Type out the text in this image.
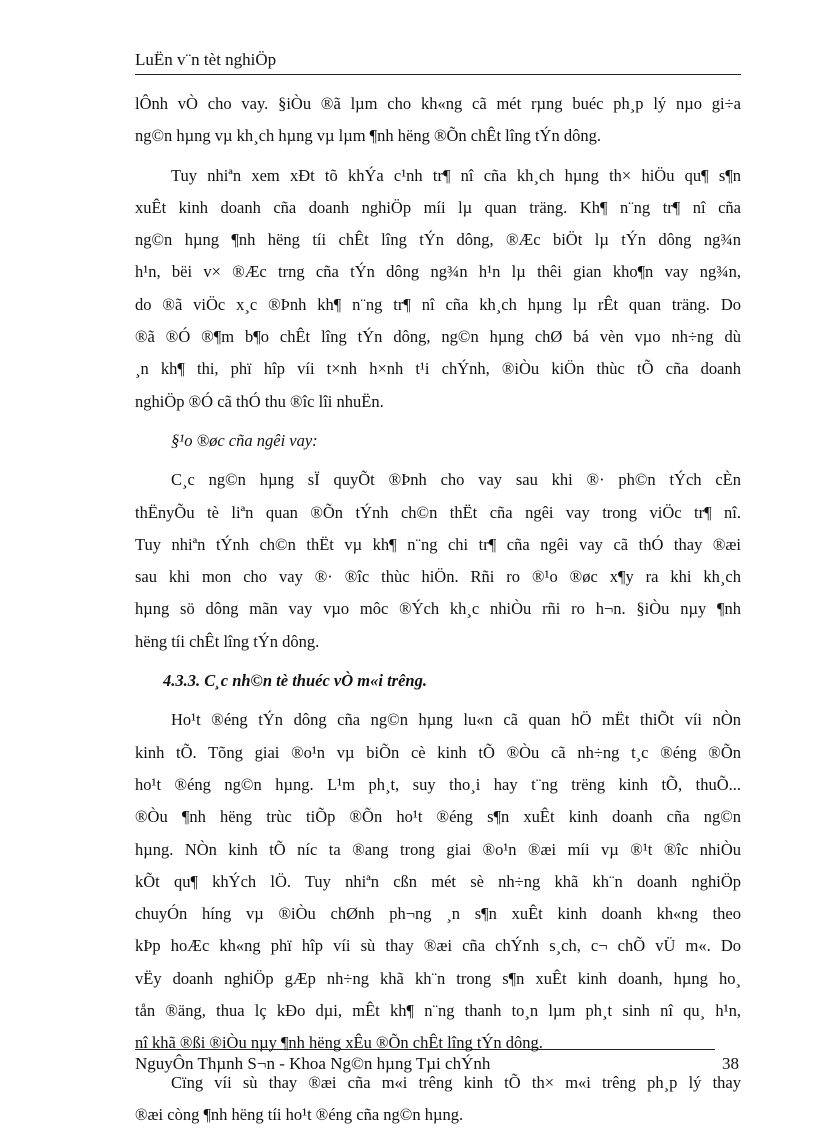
LuËn v¨n tèt nghiÖp
lÔnh vÒ cho vay. §iÒu ®ã lµm cho kh«ng cã mét rµng buéc ph¸p lý nµo gi÷a
ng©n hµng vµ kh¸ch hµng vµ lµm ¶nh hëng ®Õn chÊt lîng tÝn dông.
Tuy nhiªn xem xÐt tõ khÝa c¹nh tr¶ nî cña kh¸ch hµng th× hiÖu qu¶ s¶n
xuÊt kinh doanh cña doanh nghiÖp míi lµ quan träng. Kh¶ n¨ng tr¶ nî cña
ng©n hµng ¶nh hëng tíi chÊt lîng tÝn dông, ®Æc biÖt lµ tÝn dông ng¾n
h¹n, bëi v× ®Æc trng cña tÝn dông ng¾n h¹n lµ thêi gian kho¶n vay ng¾n,
do ®ã viÖc x¸c ®Þnh kh¶ n¨ng tr¶ nî cña kh¸ch hµng lµ rÊt quan träng. Do
®ã ®Ó ®¶m b¶o chÊt lîng tÝn dông, ng©n hµng chØ bá vèn vµo nh÷ng dù
¸n kh¶ thi, phï hîp víi t×nh h×nh t¹i chÝnh, ®iÒu kiÖn thùc tÕ cña doanh
nghiÖp ®Ó cã thÓ thu ®îc lîi nhuËn.
§¹o ®øc cña ngêi vay:
C¸c ng©n hµng sÏ quyÕt ®Þnh cho vay sau khi ®· ph©n tÝch cÈn
thËnyÕu tè liªn quan ®Õn tÝnh ch©n thËt cña ngêi vay trong viÖc tr¶ nî.
Tuy nhiªn tÝnh ch©n thËt vµ kh¶ n¨ng chi tr¶ cña ngêi vay cã thÓ thay ®æi
sau khi mon cho vay ®· ®îc thùc hiÖn. Rñi ro ®¹o ®øc x¶y ra khi kh¸ch
hµng sö dông mãn vay vµo môc ®Ých kh¸c nhiÒu rñi ro h¬n. §iÒu nµy ¶nh
hëng tíi chÊt lîng tÝn dông.
4.3.3. C¸c nh©n tè thuéc vÒ m«i trêng.
Ho¹t ®éng tÝn dông cña ng©n hµng lu«n cã quan hÖ mËt thiÕt víi nÒn
kinh tÕ. Tõng giai ®o¹n vµ biÕn cè kinh tÕ ®Òu cã nh÷ng t¸c ®éng ®Õn
ho¹t ®éng ng©n hµng. L¹m ph¸t, suy tho¸i hay t¨ng trëng kinh tÕ, thuÕ...
®Òu ¶nh hëng trùc tiÕp ®Õn ho¹t ®éng s¶n xuÊt kinh doanh cña ng©n
hµng. NÒn kinh tÕ níc ta ®ang trong giai ®o¹n ®æi míi vµ ®¹t ®îc nhiÒu
kÕt qu¶ khÝch lÖ. Tuy nhiªn cßn mét sè nh÷ng khã kh¨n doanh nghiÖp
chuyÓn híng vµ ®iÒu chØnh ph¬ng ¸n s¶n xuÊt kinh doanh kh«ng theo
kÞp hoÆc kh«ng phï hîp víi sù thay ®æi cña chÝnh s¸ch, c¬ chÕ vÜ m«. Do
vËy doanh nghiÖp gÆp nh÷ng khã kh¨n trong s¶n xuÊt kinh doanh, hµng ho¸
tån ®äng, thua lç kÐo dµi, mÊt kh¶ n¨ng thanh to¸n lµm ph¸t sinh nî qu¸ h¹n,
nî khã ®ßi ®iÒu nµy ¶nh hëng xÊu ®Õn chÊt lîng tÝn dông.
Cïng víi sù thay ®æi cña m«i trêng kinh tÕ th× m«i trêng ph¸p lý thay
®æi còng ¶nh hëng tíi ho¹t ®éng cña ng©n hµng.
NguyÔn Thµnh S¬n - Khoa Ng©n hµng Tµi chÝnh	38
